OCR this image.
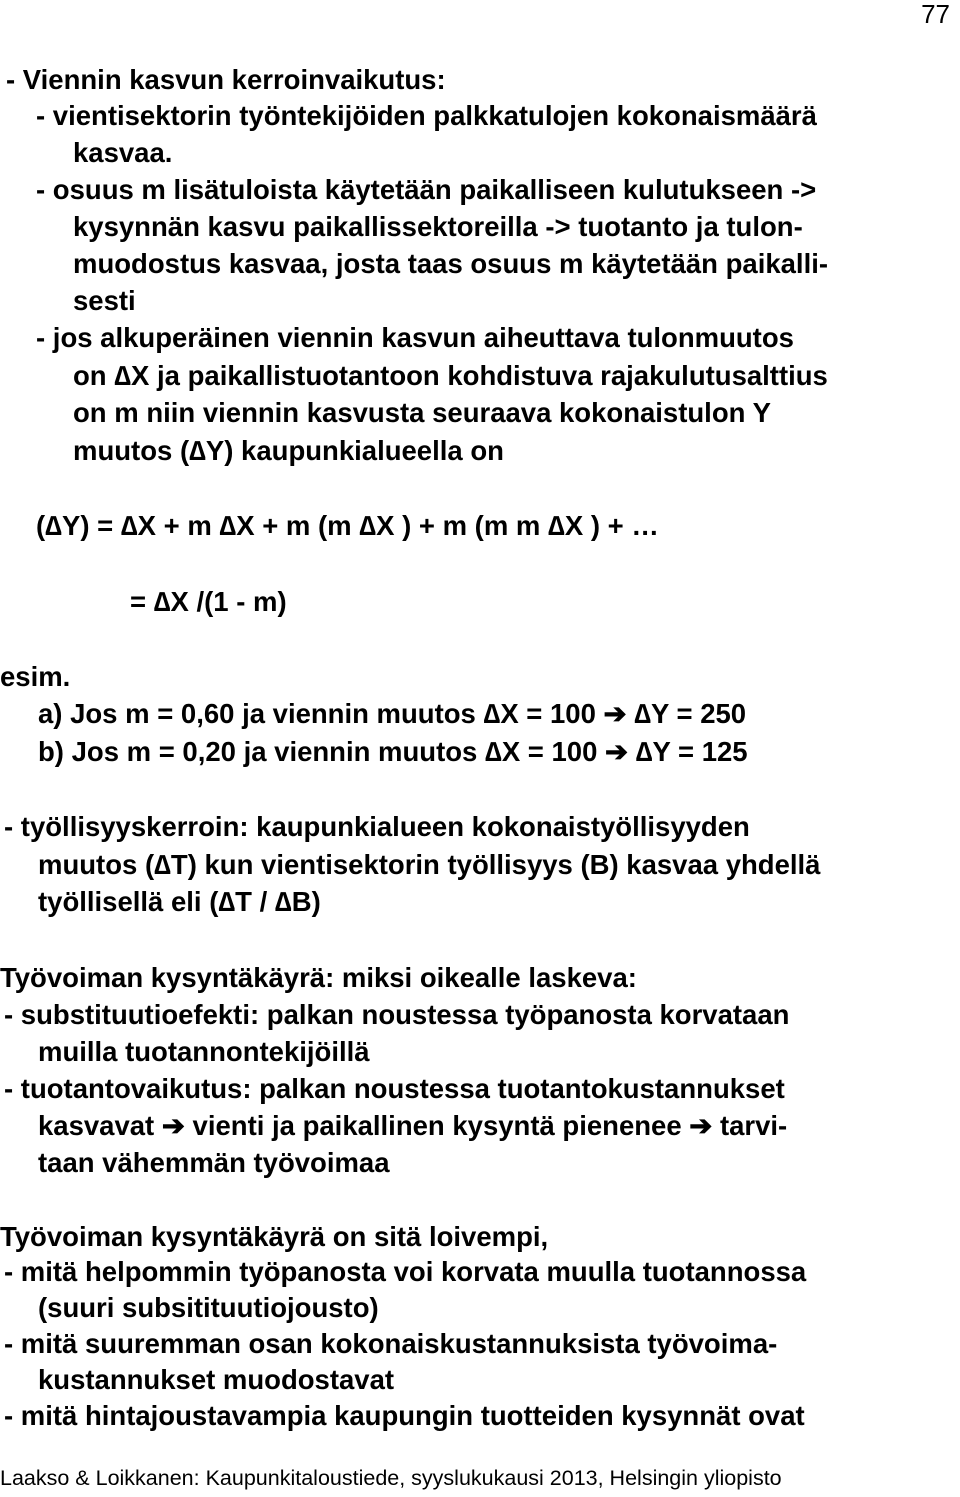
77
- Viennin kasvun kerroinvaikutus:
- vientisektorin työntekijöiden palkkatulojen kokonaismäärä
kasvaa.
- osuus m lisätuloista käytetään paikalliseen kulutukseen ->
kysynnän kasvu paikallissektoreilla -> tuotanto ja tulon-
muodostus kasvaa, josta taas osuus m käytetään paikalli-
sesti
- jos alkuperäinen viennin kasvun aiheuttava tulonmuutos
on ∆X ja paikallistuotantoon kohdistuva rajakulutusalttius
on m niin viennin kasvusta seuraava kokonaistulon Y
muutos (∆Y) kaupunkialueella on
(∆Y) = ∆X + m ∆X + m (m ∆X ) + m (m m ∆X ) + …
= ∆X /(1 - m)
esim.
a) Jos m = 0,60 ja viennin muutos ∆X = 100 ➔ ∆Y = 250
b) Jos m = 0,20 ja viennin muutos ∆X = 100 ➔ ∆Y = 125
- työllisyyskerroin: kaupunkialueen kokonaistyöllisyyden
muutos (∆T) kun vientisektorin työllisyys (B) kasvaa yhdellä
työllisellä eli (∆T / ∆B)
Työvoiman kysyntäkäyrä: miksi oikealle laskeva:
- substituutioefekti: palkan noustessa työpanosta korvataan
muilla tuotannontekijöillä
- tuotantovaikutus: palkan noustessa tuotantokustannukset
kasvavat ➔ vienti ja paikallinen kysyntä pienenee ➔ tarvi-
taan vähemmän työvoimaa
Työvoiman kysyntäkäyrä on sitä loivempi,
- mitä helpommin työpanosta voi korvata muulla tuotannossa
(suuri subsitituutiojousto)
- mitä suuremman osan kokonaiskustannuksista työvoima-
kustannukset muodostavat
- mitä hintajoustavampia kaupungin tuotteiden kysynnät ovat
Laakso & Loikkanen: Kaupunkitaloustiede, syyslukukausi 2013, Helsingin yliopisto
